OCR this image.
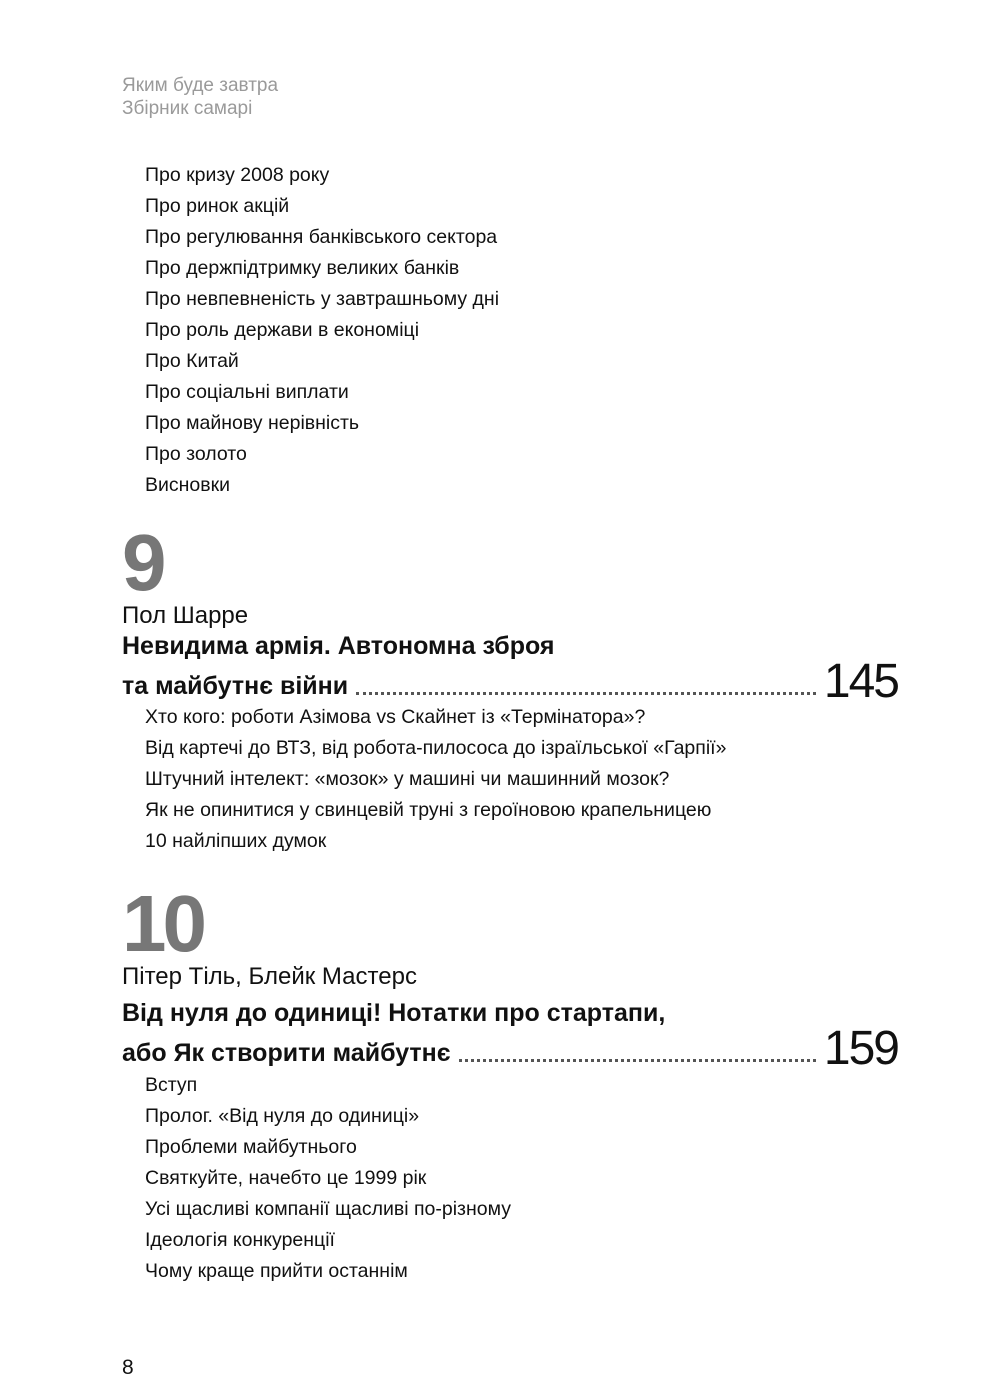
Яким буде завтра
Збірник самарі
Про кризу 2008 року
Про ринок акцій
Про регулювання банківського сектора
Про держпідтримку великих банків
Про невпевненість у завтрашньому дні
Про роль держави в економіці
Про Китай
Про соціальні виплати
Про майнову нерівність
Про золото
Висновки
9
Пол Шарре
Невидима армія. Автономна зброя
та майбутнє війни	145
Хто кого: роботи Азімова vs Скайнет із «Термінатора»?
Від картечі до ВТЗ, від робота-пилососа до ізраїльської «Гарпії»
Штучний інтелект: «мозок» у машині чи машинний мозок?
Як не опинитися у свинцевій труні з героїновою крапельницею
10 найліпших думок
10
Пітер Тіль, Блейк Мастерс
Від нуля до одиниці! Нотатки про стартапи,
або Як створити майбутнє	159
Вступ
Пролог. «Від нуля до одиниці»
Проблеми майбутнього
Святкуйте, начебто це 1999 рік
Усі щасливі компанії щасливі по-різному
Ідеологія конкуренції
Чому краще прийти останнім
8
